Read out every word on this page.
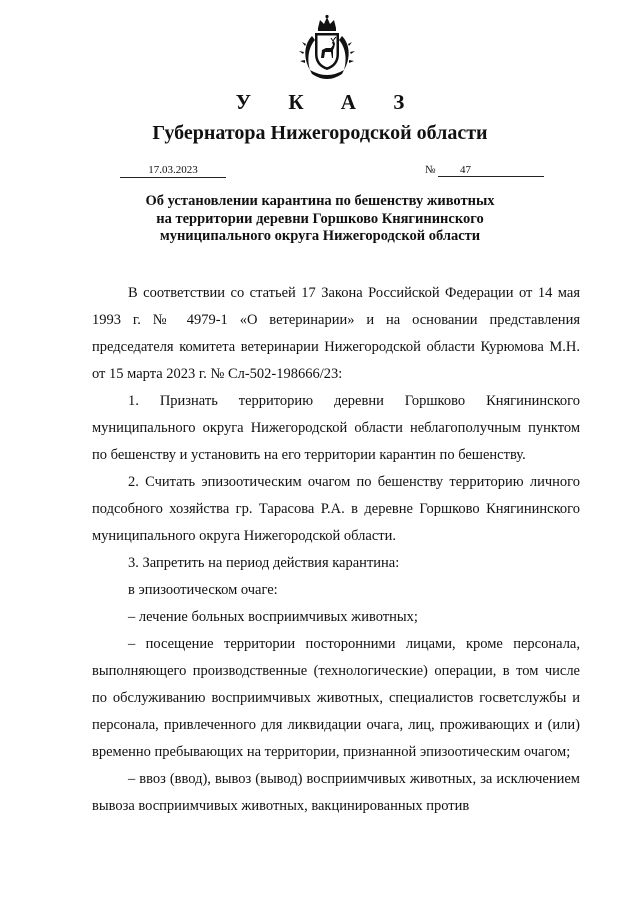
У К А З
Губернатора Нижегородской области
17.03.2023	№	47
Об установлении карантина по бешенству животных
на территории деревни Горшково Княгининского
муниципального округа Нижегородской области

В соответствии со статьей 17 Закона Российской Федерации от 14 мая 1993 г. № 4979-1 «О ветеринарии» и на основании представления председателя комитета ветеринарии Нижегородской области Курюмова М.Н. от 15 марта 2023 г. № Сл-502-198666/23:

1. Признать территорию деревни Горшково Княгининского муниципального округа Нижегородской области неблагополучным пунктом по бешенству и установить на его территории карантин по бешенству.

2. Считать эпизоотическим очагом по бешенству территорию личного подсобного хозяйства гр. Тарасова Р.А. в деревне Горшково Княгининского муниципального округа Нижегородской области.

3. Запретить на период действия карантина:

в эпизоотическом очаге:

– лечение больных восприимчивых животных;

– посещение территории посторонними лицами, кроме персонала, выполняющего производственные (технологические) операции, в том числе по обслуживанию восприимчивых животных, специалистов госветслужбы и персонала, привлеченного для ликвидации очага, лиц, проживающих и (или) временно пребывающих на территории, признанной эпизоотическим очагом;

– ввоз (ввод), вывоз (вывод) восприимчивых животных, за исключением вывоза восприимчивых животных, вакцинированных против
